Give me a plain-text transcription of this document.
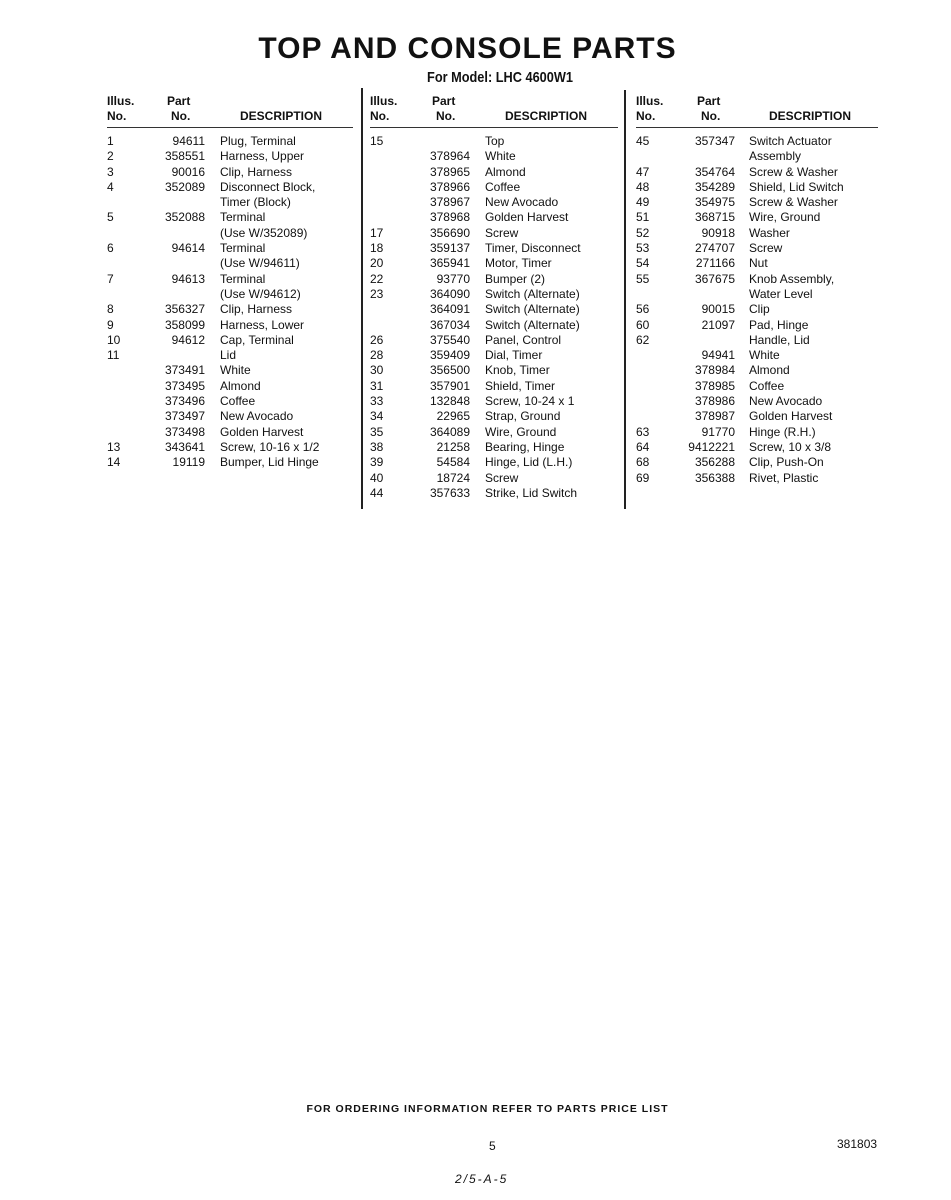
TOP AND CONSOLE PARTS
For Model: LHC 4600W1
Illus.
No.
Part
No.	DESCRIPTION
1	94611 Plug, Terminal
2	358551 Harness, Upper
3	90016 Clip, Harness
4	352089 Disconnect Block,
Timer (Block)
5	352088 Terminal
(Use W/352089)
6	94614 Terminal
(Use W/94611)
7	94613 Terminal
(Use W/94612)
8	356327 Clip, Harness
9	358099 Harness, Lower
10	94612 Cap, Terminal
11	Lid
373491 White
373495 Almond
373496 Coffee
373497 New Avocado
373498 Golden Harvest
13	343641 Screw, 10-16 x 1/2
14	19119 Bumper, Lid Hinge
Illus.
No.
Part
No.	DESCRIPTION
15	Top
378964 White
378965 Almond
378966 Coffee
378967 New Avocado
378968 Golden Harvest
17	356690 Screw
18	359137 Timer, Disconnect
20	365941 Motor, Timer
22	93770 Bumper (2)
23	364090 Switch (Alternate)
364091 Switch (Alternate)
367034 Switch (Alternate)
26	375540 Panel, Control
28	359409 Dial, Timer
30	356500 Knob, Timer
31	357901 Shield, Timer
33	132848 Screw, 10-24 x 1
34	22965 Strap, Ground
35	364089 Wire, Ground
38	21258 Bearing, Hinge
39	54584 Hinge, Lid (L.H.)
40	18724 Screw
44	357633 Strike, Lid Switch
Illus.
No.
Part
No.	DESCRIPTION
45	357347 Switch Actuator
Assembly
47	354764 Screw & Washer
48	354289 Shield, Lid Switch
49	354975 Screw & Washer
51	368715 Wire, Ground
52	90918 Washer
53	274707 Screw
54	271166 Nut
55	367675 Knob Assembly,
Water Level
56	90015 Clip
60	21097 Pad, Hinge
62	Handle, Lid
94941 White
378984 Almond
378985 Coffee
378986 New Avocado
378987 Golden Harvest
63	91770 Hinge (R.H.)
64	9412221 Screw, 10 x 3/8
68	356288 Clip, Push-On
69	356388 Rivet, Plastic
FOR ORDERING INFORMATION REFER TO PARTS PRICE LIST
5	381803
2/5-A-5
